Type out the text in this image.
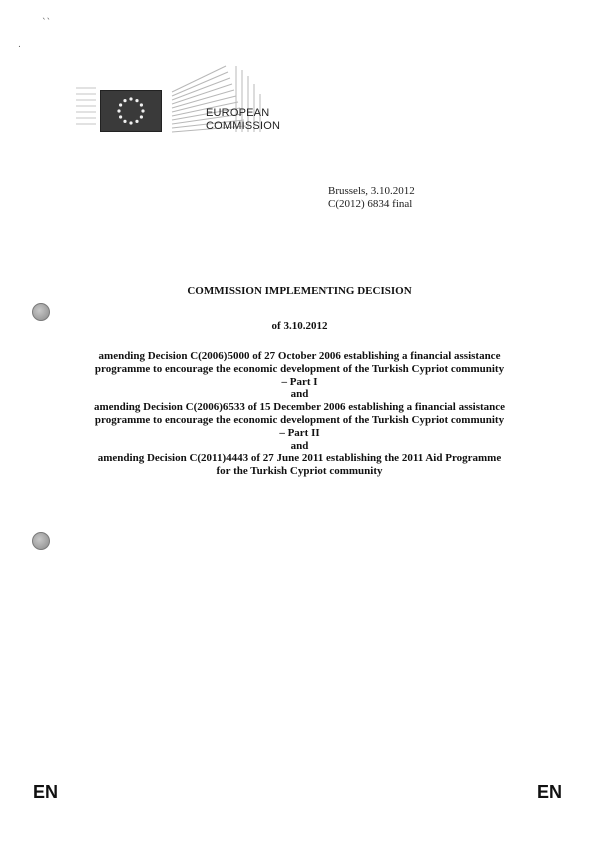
``
.
EUROPEAN
COMMISSION
Brussels, 3.10.2012
C(2012) 6834 final
COMMISSION IMPLEMENTING DECISION
of 3.10.2012
amending Decision C(2006)5000 of 27 October 2006 establishing a financial assistance
programme to encourage the economic development of the Turkish Cypriot community
– Part I
and
amending Decision C(2006)6533 of 15 December 2006 establishing a financial assistance
programme to encourage the economic development of the Turkish Cypriot community
– Part II
and
amending Decision C(2011)4443 of 27 June 2011 establishing the 2011 Aid Programme
for the Turkish Cypriot community
EN	EN
